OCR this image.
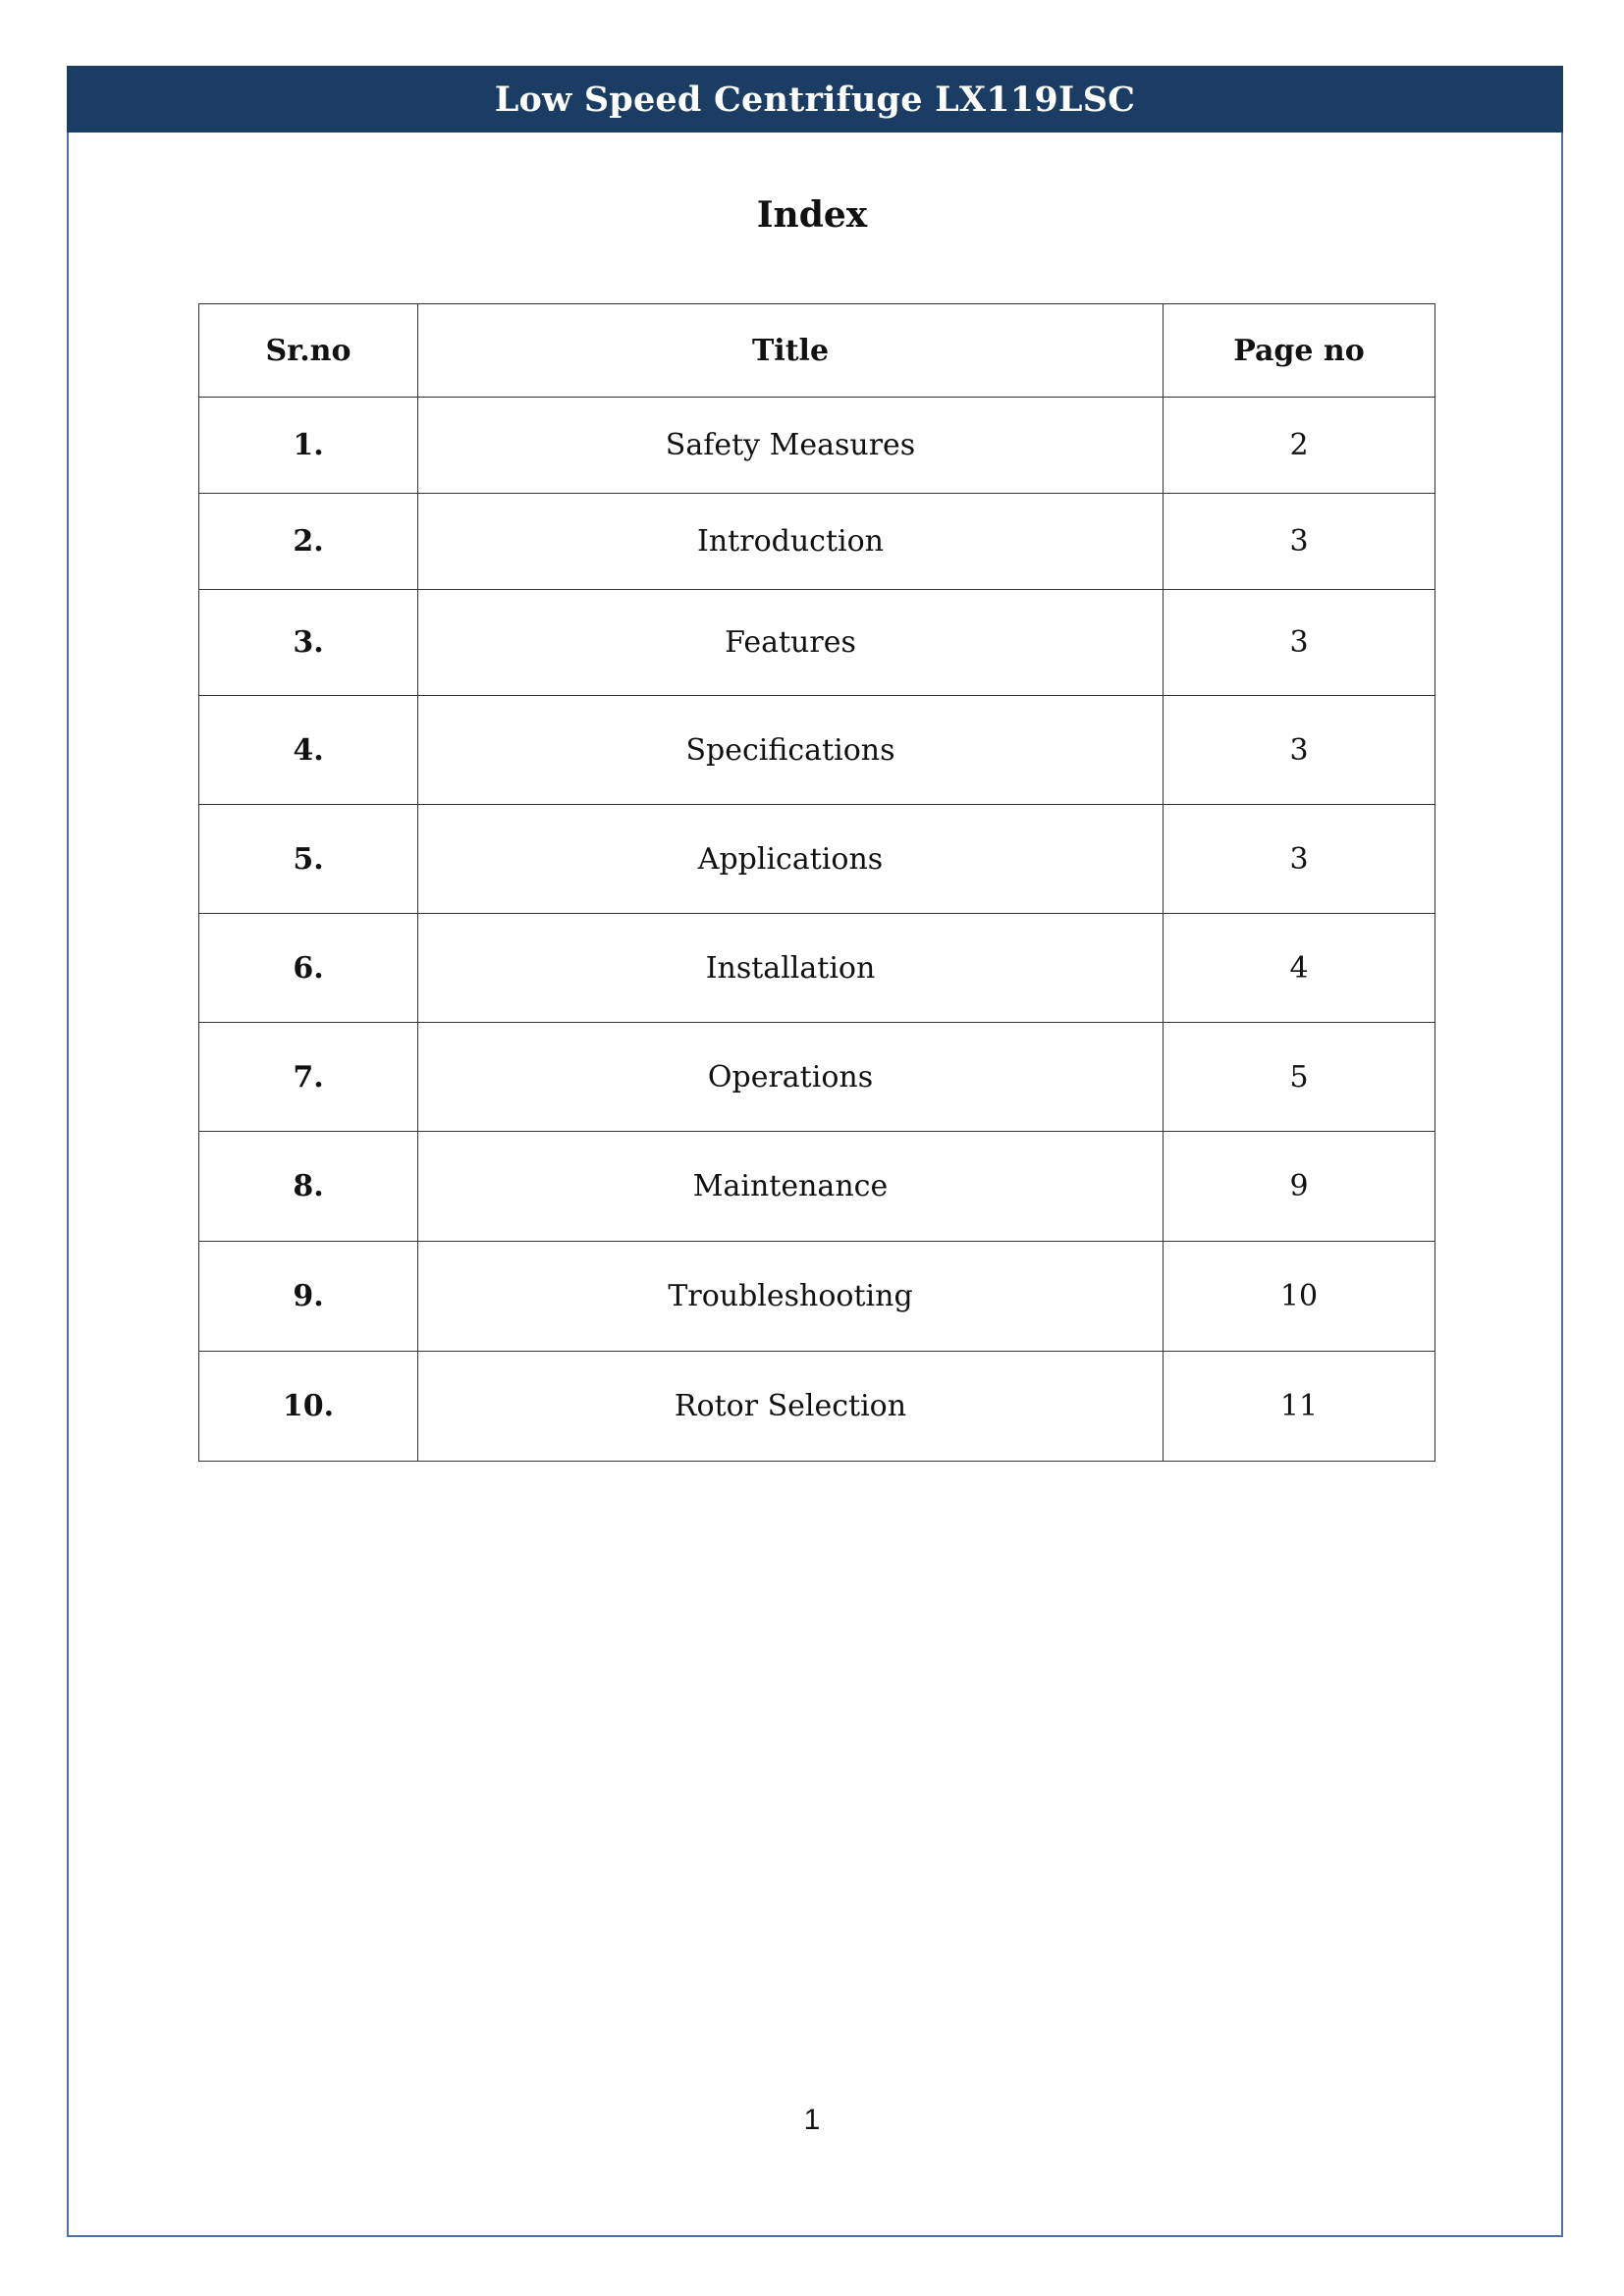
Low Speed Centrifuge LX119LSC
Index
Sr.no	Title	Page no
1.	Safety Measures	2
2.	Introduction	3
3.	Features	3
4.	Specifications	3
5.	Applications	3
6.	Installation	4
7.	Operations	5
8.	Maintenance	9
9.	Troubleshooting	10
10.	Rotor Selection	11
1
